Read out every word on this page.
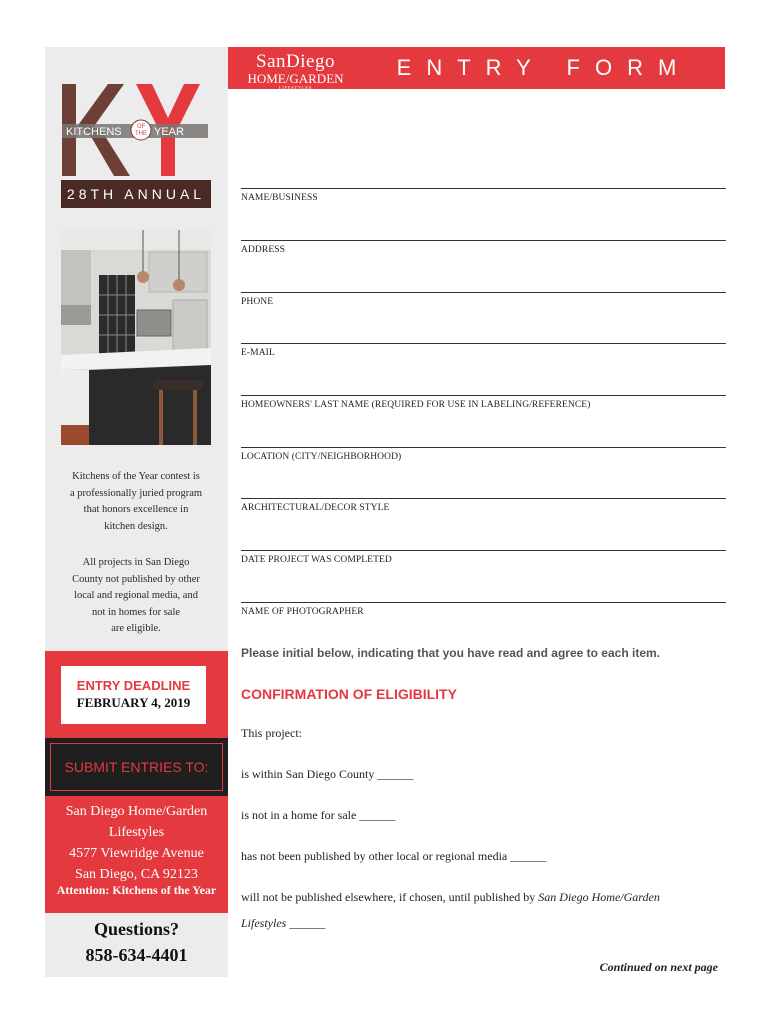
KITCHENS	OF
THE YEAR
28TH ANNUAL
Kitchens of the Year contest is
a professionally juried program
that honors excellence in
kitchen design.
All projects in San Diego
County not published by other
local and regional media, and
not in homes for sale
are eligible.
ENTRY DEADLINE
FEBRUARY 4, 2019
SUBMIT ENTRIES TO:
San Diego Home/Garden
Lifestyles
4577 Viewridge Avenue
San Diego, CA 92123
Attention: Kitchens of the Year
Questions?
858-634-4401
SanDiego
HOME/GARDEN
LIFESTYLES
ENTRY FORM
NAME/BUSINESS
ADDRESS
PHONE
E-MAIL
HOMEOWNERS' LAST NAME (REQUIRED FOR USE IN LABELING/REFERENCE)
LOCATION (CITY/NEIGHBORHOOD)
ARCHITECTURAL/DECOR STYLE
DATE PROJECT WAS COMPLETED
NAME OF PHOTOGRAPHER
Please initial below, indicating that you have read and agree to each item.
CONFIRMATION OF ELIGIBILITY
This project:
is within San Diego County ______
is not in a home for sale ______
has not been published by other local or regional media ______
will not be published elsewhere, if chosen, until published by San Diego Home/Garden
Lifestyles ______
Continued on next page
